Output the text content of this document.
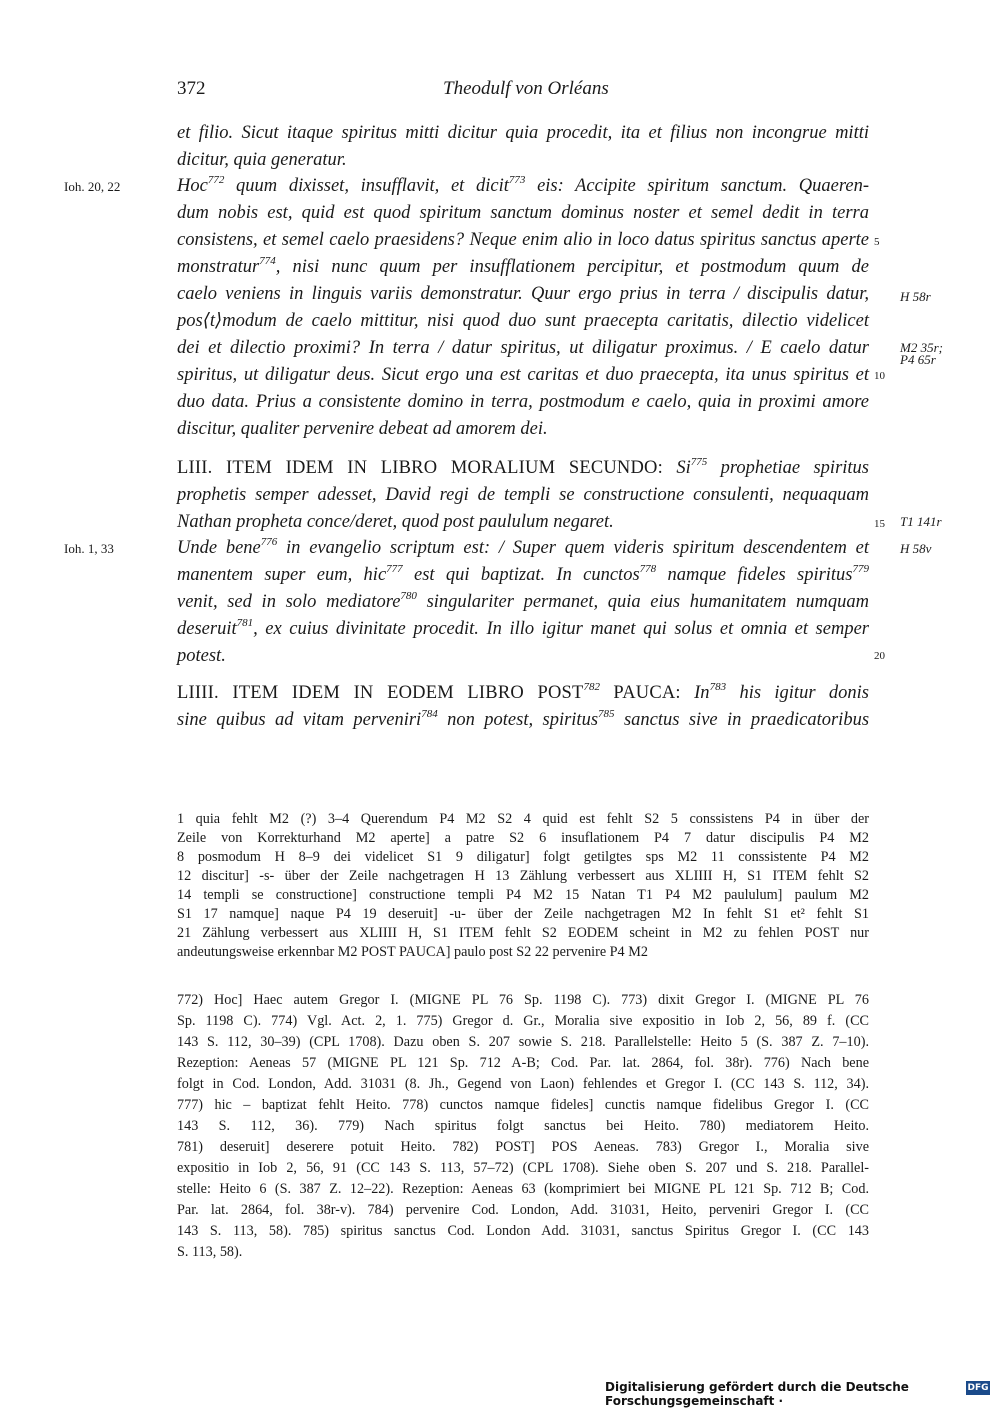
372	Theodulf von Orléans
et filio. Sicut itaque spiritus mitti dicitur quia procedit, ita et filius non incongrue mitti
dicitur, quia generatur.
Ioh. 20, 22	Hoc$^{772}$ quum dixisset, insufflavit, et dicit$^{773}$ eis: Accipite spiritum sanctum. Quaeren-
dum nobis est, quid est quod spiritum sanctum dominus noster et semel dedit in terra
consistens, et semel caelo praesidens? Neque enim alio in loco datus spiritus sanctus aperte 5
monstratur$^{774}$, nisi nunc quum per insufflationem percipitur, et postmodum quum de
caelo veniens in linguis variis demonstratur. Quur ergo prius in terra / discipulis datur, H 58r
pos⟨t⟩modum de caelo mittitur, nisi quod duo sunt praecepta caritatis, dilectio videlicet
dei et dilectio proximi? In terra / datur spiritus, ut diligatur proximus. / E caelo datur M2 35r;
P4 65r
spiritus, ut diligatur deus. Sicut ergo una est caritas et duo praecepta, ita unus spiritus et 10
duo data. Prius a consistente domino in terra, postmodum e caelo, quia in proximi amore
discitur, qualiter pervenire debeat ad amorem dei.
LIII. ITEM IDEM IN LIBRO MORALIUM SECUNDO: Si$^{775}$ prophetiae spiritus
prophetis semper adesset, David regi de templi se constructione consulenti, nequaquam
Nathan propheta conce/deret, quod post paululum negaret.	15 T1 141r
Ioh. 1, 33	Unde bene$^{776}$ in evangelio scriptum est: / Super quem videris spiritum descendentem et H 58v
manentem super eum, hic$^{777}$ est qui baptizat. In cunctos$^{778}$ namque fideles spiritus$^{779}$
venit, sed in solo mediatore$^{780}$ singulariter permanet, quia eius humanitatem numquam
deseruit$^{781}$, ex cuius divinitate procedit. In illo igitur manet qui solus et omnia et semper
potest.	20
LIIII. ITEM IDEM IN EODEM LIBRO POST$^{782}$ PAUCA: In$^{783}$ his igitur donis
sine quibus ad vitam perveniri$^{784}$ non potest, spiritus$^{785}$ sanctus sive in praedicatoribus
1 quia fehlt M2 (?) 3–4 Querendum P4 M2 S2 4 quid est fehlt S2 5 conssistens P4 in über der
Zeile von Korrekturhand M2 aperte] a patre S2 6 insuflationem P4 7 datur discipulis P4 M2
8 posmodum H 8–9 dei videlicet S1 9 diligatur] folgt getilgtes sps M2 11 conssistente P4 M2
12 discitur] -s- über der Zeile nachgetragen H 13 Zählung verbessert aus XLIIII H, S1 ITEM fehlt S2
14 templi se constructione] constructione templi P4 M2 15 Natan T1 P4 M2 paululum] paulum M2
S1 17 namque] naque P4 19 deseruit] -u- über der Zeile nachgetragen M2 In fehlt S1 et² fehlt S1
21 Zählung verbessert aus XLIIII H, S1 ITEM fehlt S2 EODEM scheint in M2 zu fehlen POST nur
andeutungsweise erkennbar M2 POST PAUCA] paulo post S2 22 pervenire P4 M2
772) Hoc] Haec autem Gregor I. (MIGNE PL 76 Sp. 1198 C). 773) dixit Gregor I. (MIGNE PL 76
Sp. 1198 C). 774) Vgl. Act. 2, 1. 775) Gregor d. Gr., Moralia sive expositio in Iob 2, 56, 89 f. (CC
143 S. 112, 30–39) (CPL 1708). Dazu oben S. 207 sowie S. 218. Parallelstelle: Heito 5 (S. 387 Z. 7–10).
Rezeption: Aeneas 57 (MIGNE PL 121 Sp. 712 A-B; Cod. Par. lat. 2864, fol. 38r). 776) Nach bene
folgt in Cod. London, Add. 31031 (8. Jh., Gegend von Laon) fehlendes et Gregor I. (CC 143 S. 112, 34).
777) hic – baptizat fehlt Heito. 778) cunctos namque fideles] cunctis namque fidelibus Gregor I. (CC
143 S. 112, 36). 779) Nach spiritus folgt sanctus bei Heito. 780) mediatorem Heito.
781) deseruit] deserere potuit Heito. 782) POST] POS Aeneas. 783) Gregor I., Moralia sive
expositio in Iob 2, 56, 91 (CC 143 S. 113, 57–72) (CPL 1708). Siehe oben S. 207 und S. 218. Parallel-
stelle: Heito 6 (S. 387 Z. 12–22). Rezeption: Aeneas 63 (komprimiert bei MIGNE PL 121 Sp. 712 B; Cod.
Par. lat. 2864, fol. 38r-v). 784) pervenire Cod. London, Add. 31031, Heito, perveniri Gregor I. (CC
143 S. 113, 58). 785) spiritus sanctus Cod. London Add. 31031, sanctus Spiritus Gregor I. (CC 143
S. 113, 58).
Digitalisierung gefördert durch die Deutsche Forschungsgemeinschaft ·
DFG
